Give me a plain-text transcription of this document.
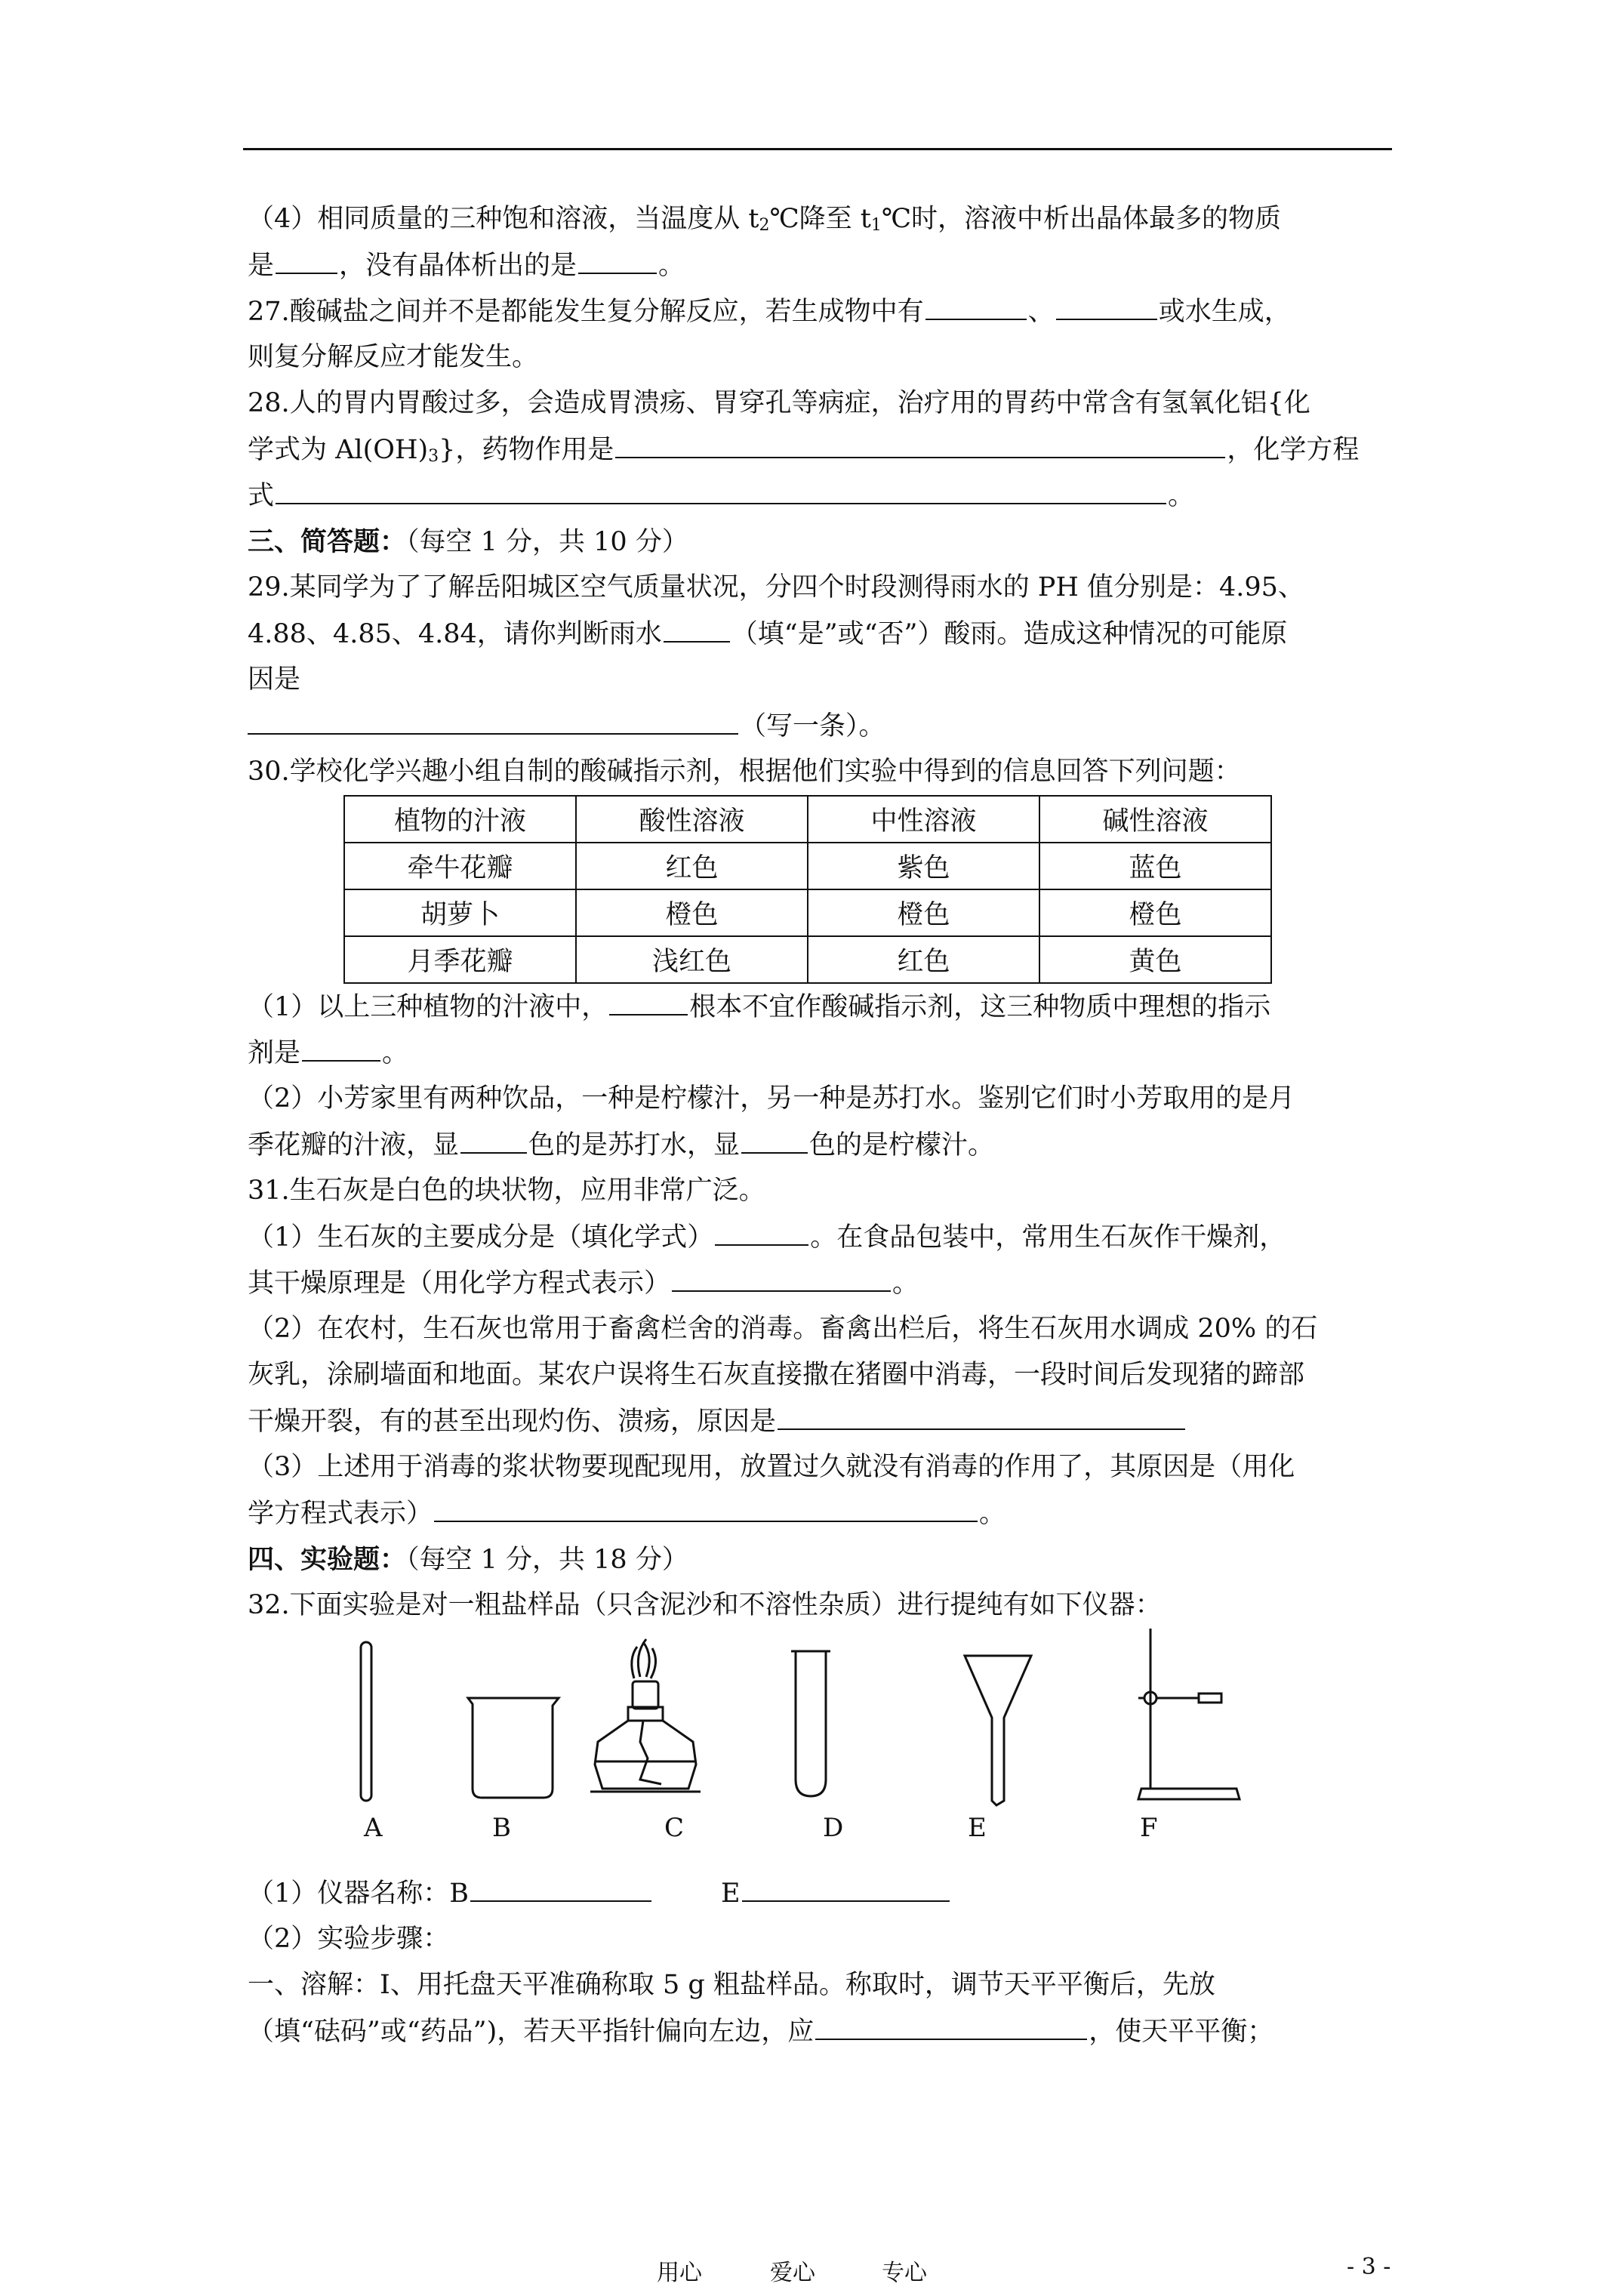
（4）相同质量的三种饱和溶液，当温度从 $t_2℃$降至 $t_1℃$时，溶液中析出晶体最多的物质
是 ，没有晶体析出的是	。
27.酸碱盐之间并不是都能发生复分解反应，若生成物中有	、	或水生成，
则复分解反应才能发生。
28.人的胃内胃酸过多，会造成胃溃疡、胃穿孔等病症，治疗用的胃药中常含有氢氧化铝{化
学式为 $Al(OH)_3$}，药物作用是	，化学方程
式	。
三、简答题：（每空 1 分，共 10 分）
29.某同学为了了解岳阳城区空气质量状况，分四个时段测得雨水的 PH 值分别是：4.95、
4.88、4.85、4.84，请你判断雨水	（填“是”或“否”）酸雨。造成这种情况的可能原
因是
（写一条）。
30.学校化学兴趣小组自制的酸碱指示剂，根据他们实验中得到的信息回答下列问题：
植物的汁液	酸性溶液	中性溶液	碱性溶液
牵牛花瓣	红色	紫色	蓝色
胡萝卜	橙色	橙色	橙色
月季花瓣	浅红色	红色	黄色
（1）以上三种植物的汁液中，	根本不宜作酸碱指示剂，这三种物质中理想的指示
剂是	。
（2）小芳家里有两种饮品，一种是柠檬汁，另一种是苏打水。鉴别它们时小芳取用的是月
季花瓣的汁液，显	色的是苏打水，显	色的是柠檬汁。
31.生石灰是白色的块状物，应用非常广泛。
（1）生石灰的主要成分是（填化学式）	。在食品包装中，常用生石灰作干燥剂，
其干燥原理是（用化学方程式表示）	。
（2）在农村，生石灰也常用于畜禽栏舍的消毒。畜禽出栏后，将生石灰用水调成 20% 的石
灰乳，涂刷墙面和地面。某农户误将生石灰直接撒在猪圈中消毒，一段时间后发现猪的蹄部
干燥开裂，有的甚至出现灼伤、溃疡，原因是
（3）上述用于消毒的浆状物要现配现用，放置过久就没有消毒的作用了，其原因是（用化
学方程式表示）	。
四、实验题：（每空 1 分，共 18 分）
32.下面实验是对一粗盐样品（只含泥沙和不溶性杂质）进行提纯有如下仪器：
A	B	C	D	E	F
（1）仪器名称：B	E
（2）实验步骤：
一、溶解：Ⅰ、用托盘天平准确称取 5 g 粗盐样品。称取时，调节天平平衡后，先放
（填“砝码”或“药品”)，若天平指针偏向左边，应	，使天平平衡；
用心	爱心	专心	- 3 -
